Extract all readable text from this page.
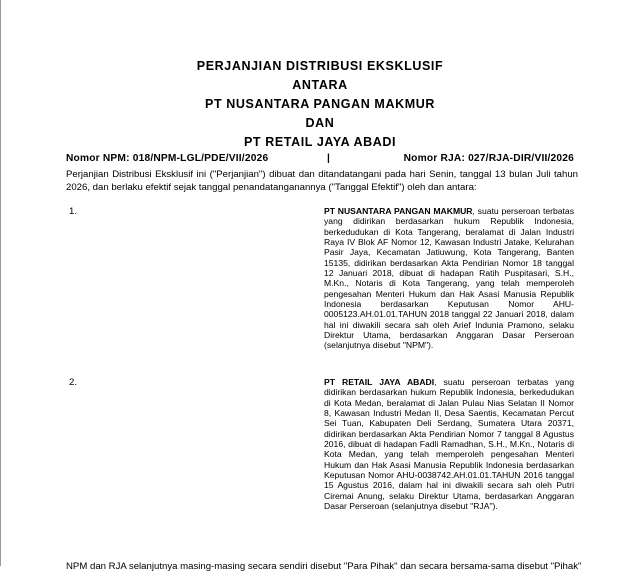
PERJANJIAN DISTRIBUSI EKSKLUSIF
ANTARA
PT NUSANTARA PANGAN MAKMUR
DAN
PT RETAIL JAYA ABADI
Nomor NPM: 018/NPM-LGL/PDE/VII/2026	|	Nomor RJA: 027/RJA-DIR/VII/2026
Perjanjian Distribusi Eksklusif ini ("Perjanjian") dibuat dan ditandatangani pada hari Senin, tanggal 13 bulan Juli tahun 2026, dan berlaku efektif sejak tanggal penandatanganannya ("Tanggal Efektif") oleh dan antara:
1.	PT NUSANTARA PANGAN MAKMUR, suatu perseroan terbatas yang didirikan berdasarkan hukum Republik Indonesia, berkedudukan di Kota Tangerang, beralamat di Jalan Industri Raya IV Blok AF Nomor 12, Kawasan Industri Jatake, Kelurahan Pasir Jaya, Kecamatan Jatiuwung, Kota Tangerang, Banten 15135, didirikan berdasarkan Akta Pendirian Nomor 18 tanggal 12 Januari 2018, dibuat di hadapan Ratih Puspitasari, S.H., M.Kn., Notaris di Kota Tangerang, yang telah memperoleh pengesahan Menteri Hukum dan Hak Asasi Manusia Republik Indonesia berdasarkan Keputusan Nomor AHU-0005123.AH.01.01.TAHUN 2018 tanggal 22 Januari 2018, dalam hal ini diwakili secara sah oleh Arief Indunia Pramono, selaku Direktur Utama, berdasarkan Anggaran Dasar Perseroan (selanjutnya disebut "NPM").
2.	PT RETAIL JAYA ABADI, suatu perseroan terbatas yang didirikan berdasarkan hukum Republik Indonesia, berkedudukan di Kota Medan, beralamat di Jalan Pulau Nias Selatan II Nomor 8, Kawasan Industri Medan II, Desa Saentis, Kecamatan Percut Sei Tuan, Kabupaten Deli Serdang, Sumatera Utara 20371, didirikan berdasarkan Akta Pendirian Nomor 7 tanggal 8 Agustus 2016, dibuat di hadapan Fadli Ramadhan, S.H., M.Kn., Notaris di Kota Medan, yang telah memperoleh pengesahan Menteri Hukum dan Hak Asasi Manusia Republik Indonesia berdasarkan Keputusan Nomor AHU-0038742.AH.01.01.TAHUN 2016 tanggal 15 Agustus 2016, dalam hal ini diwakili secara sah oleh Putri Ciremai Anung, selaku Direktur Utama, berdasarkan Anggaran Dasar Perseroan (selanjutnya disebut "RJA").
NPM dan RJA selanjutnya masing-masing secara sendiri disebut "Para Pihak" dan secara bersama-sama disebut "Pihak"
